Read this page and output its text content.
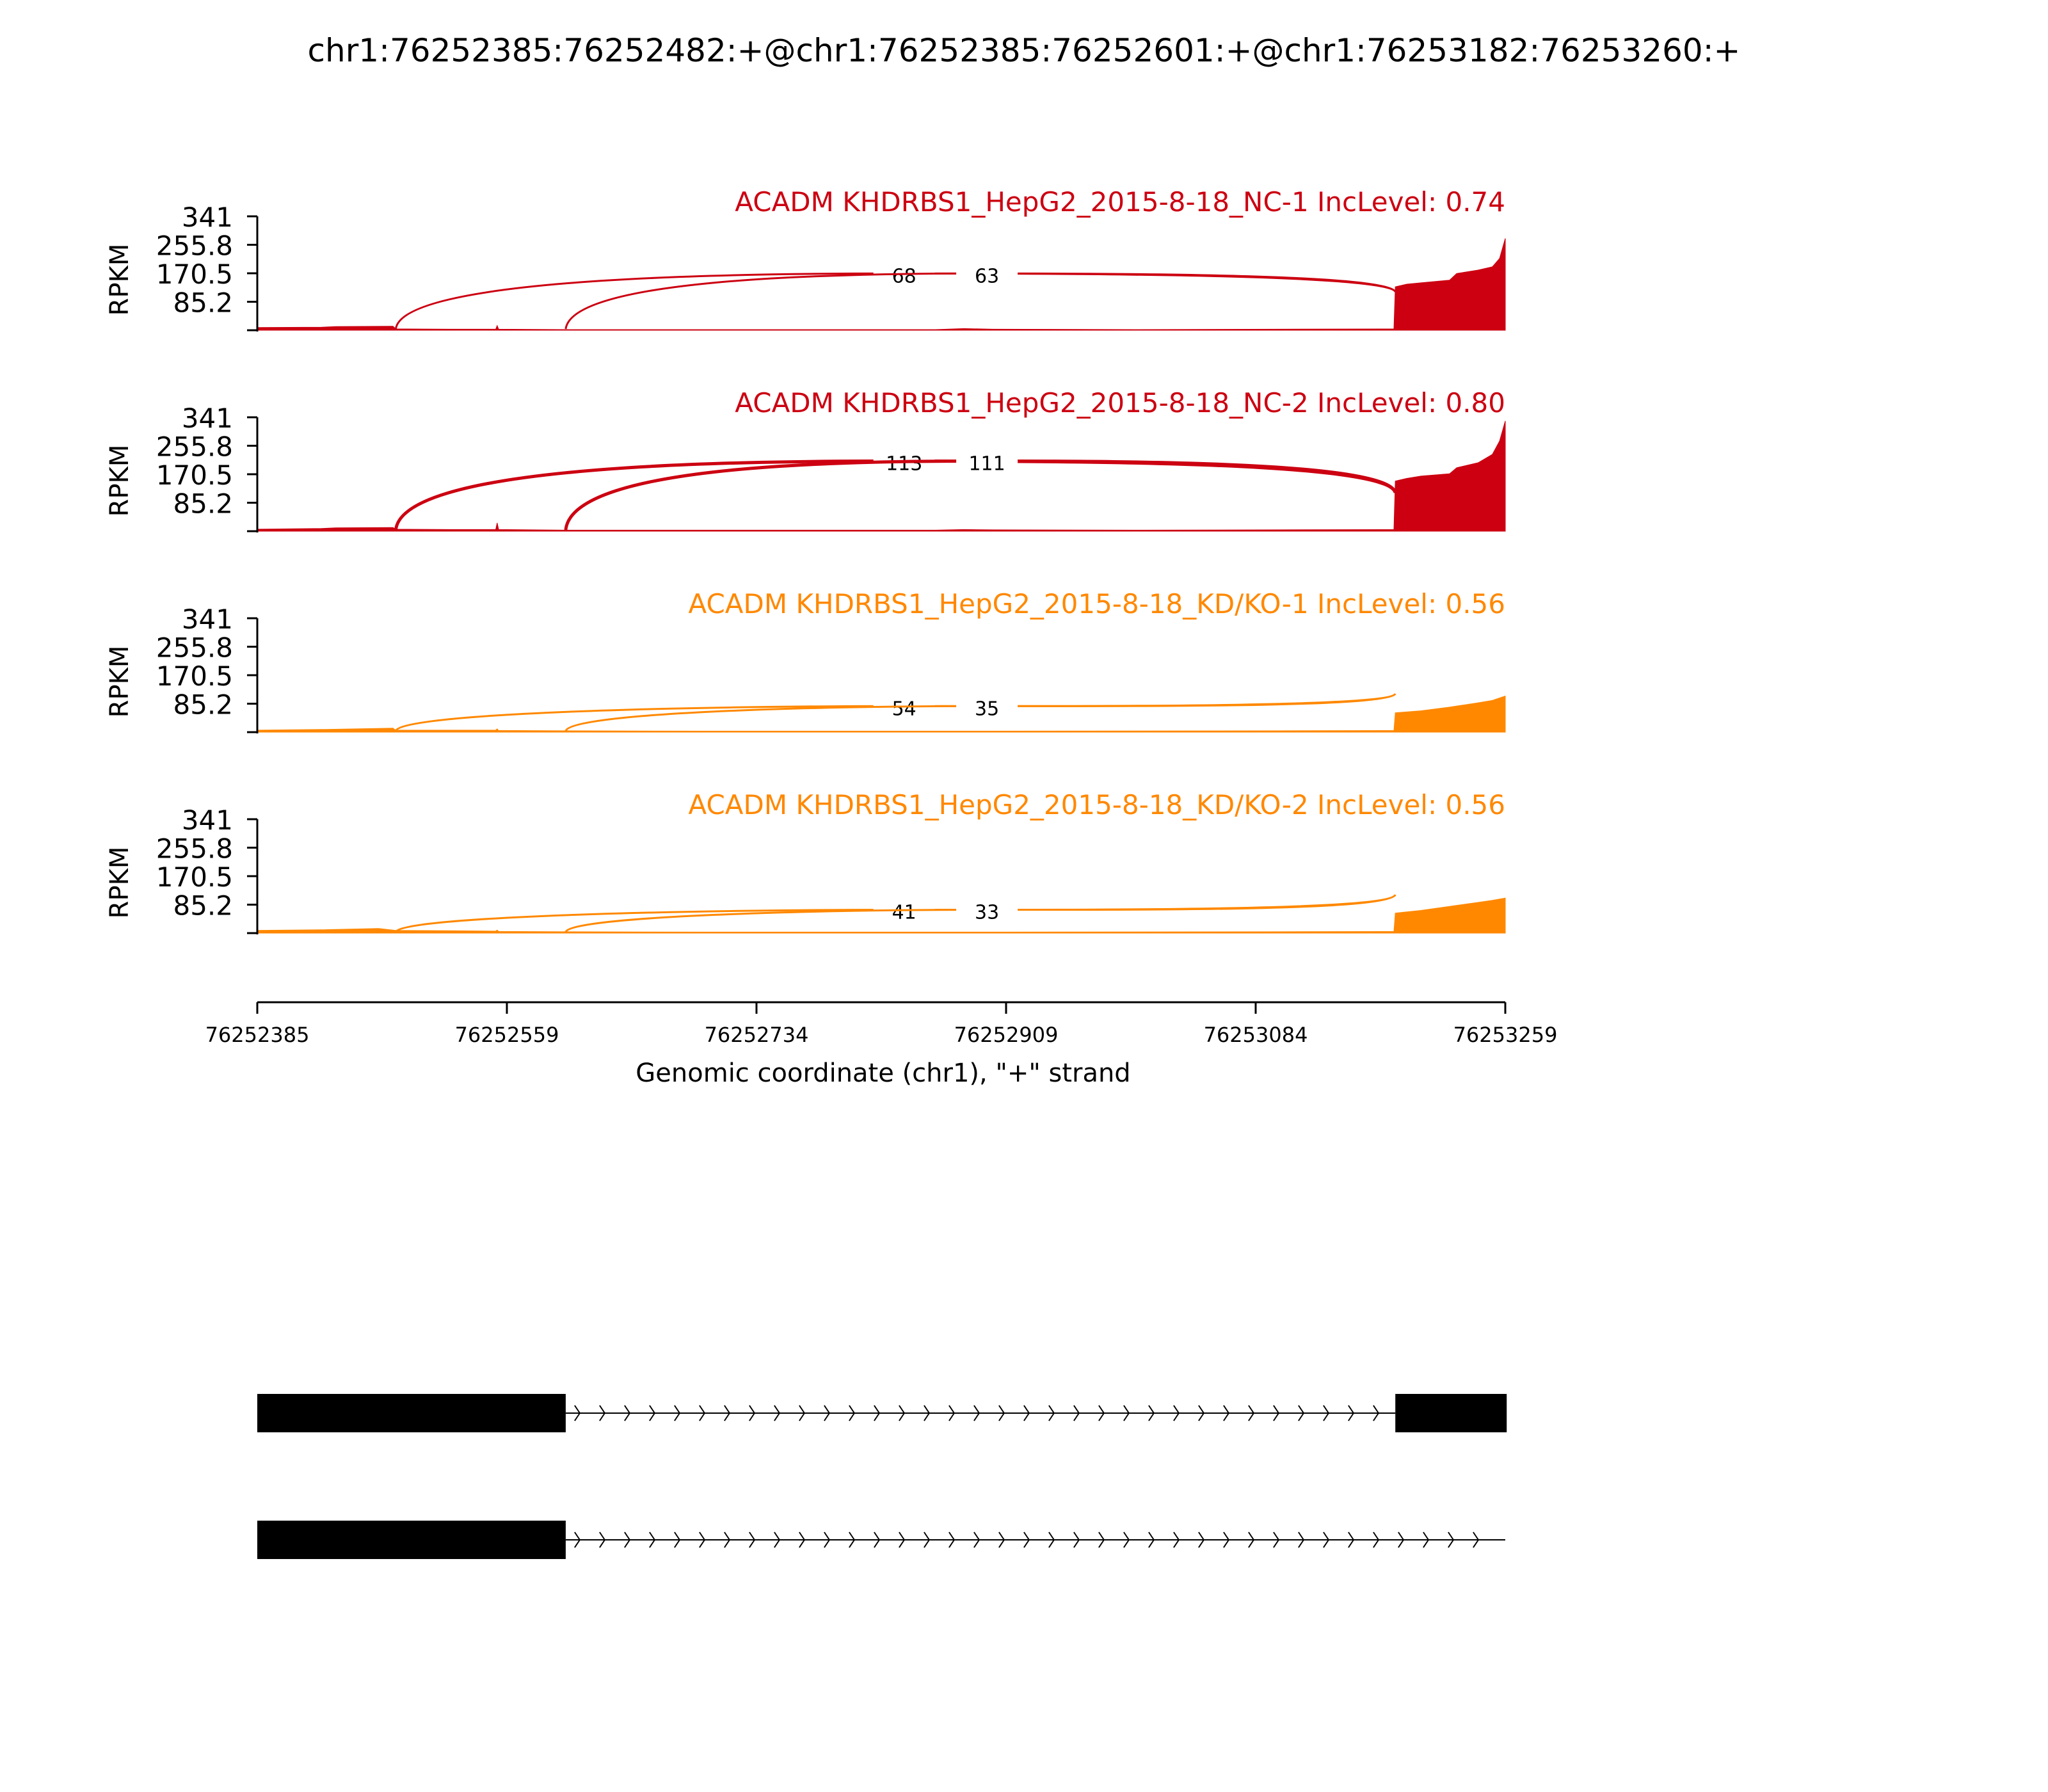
chr1:76252385:76252482:+@chr1:76252385:76252601:+@chr1:76253182:76253260:+
68	63
341
255.8
170.5
85.2
RPKM
ACADM KHDRBS1_HepG2_2015-8-18_NC-1 IncLevel: 0.74
113 111
341
255.8
170.5
85.2
RPKM
ACADM KHDRBS1_HepG2_2015-8-18_NC-2 IncLevel: 0.80
54	35
341
255.8
170.5
85.2
RPKM
ACADM KHDRBS1_HepG2_2015-8-18_KD/KO-1 IncLevel: 0.56
41	33
341
255.8
170.5
85.2
RPKM
ACADM KHDRBS1_HepG2_2015-8-18_KD/KO-2 IncLevel: 0.56
76252385	76252559	76252734	76252909	76253084	76253259
Genomic coordinate (chr1), "+" strand
